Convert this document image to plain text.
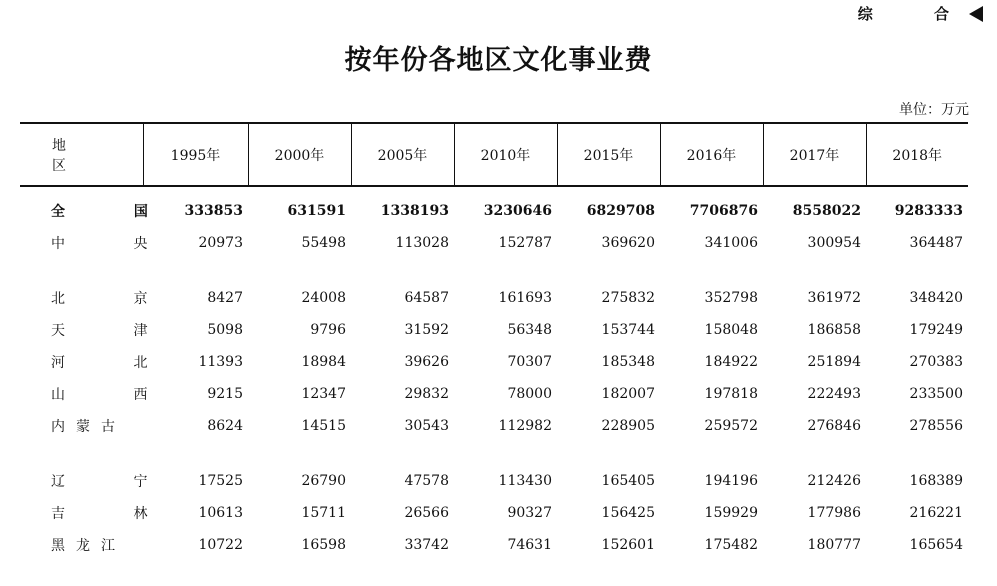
综 合
按年份各地区文化事业费
单位：万元
地 区	1995年	2000年	2005年	2010年	2015年	2016年	2017年	2018年
全 国	333853	631591	1338193	3230646	6829708	7706876	8558022	9283333
中 央	20973	55498	113028	152787	369620	341006	300954	364487

北 京	8427	24008	64587	161693	275832	352798	361972	348420
天 津	5098	9796	31592	56348	153744	158048	186858	179249
河 北	11393	18984	39626	70307	185348	184922	251894	270383
山 西	9215	12347	29832	78000	182007	197818	222493	233500
内蒙古	8624	14515	30543	112982	228905	259572	276846	278556

辽 宁	17525	26790	47578	113430	165405	194196	212426	168389
吉 林	10613	15711	26566	90327	156425	159929	177986	216221
黑龙江	10722	16598	33742	74631	152601	175482	180777	165654
